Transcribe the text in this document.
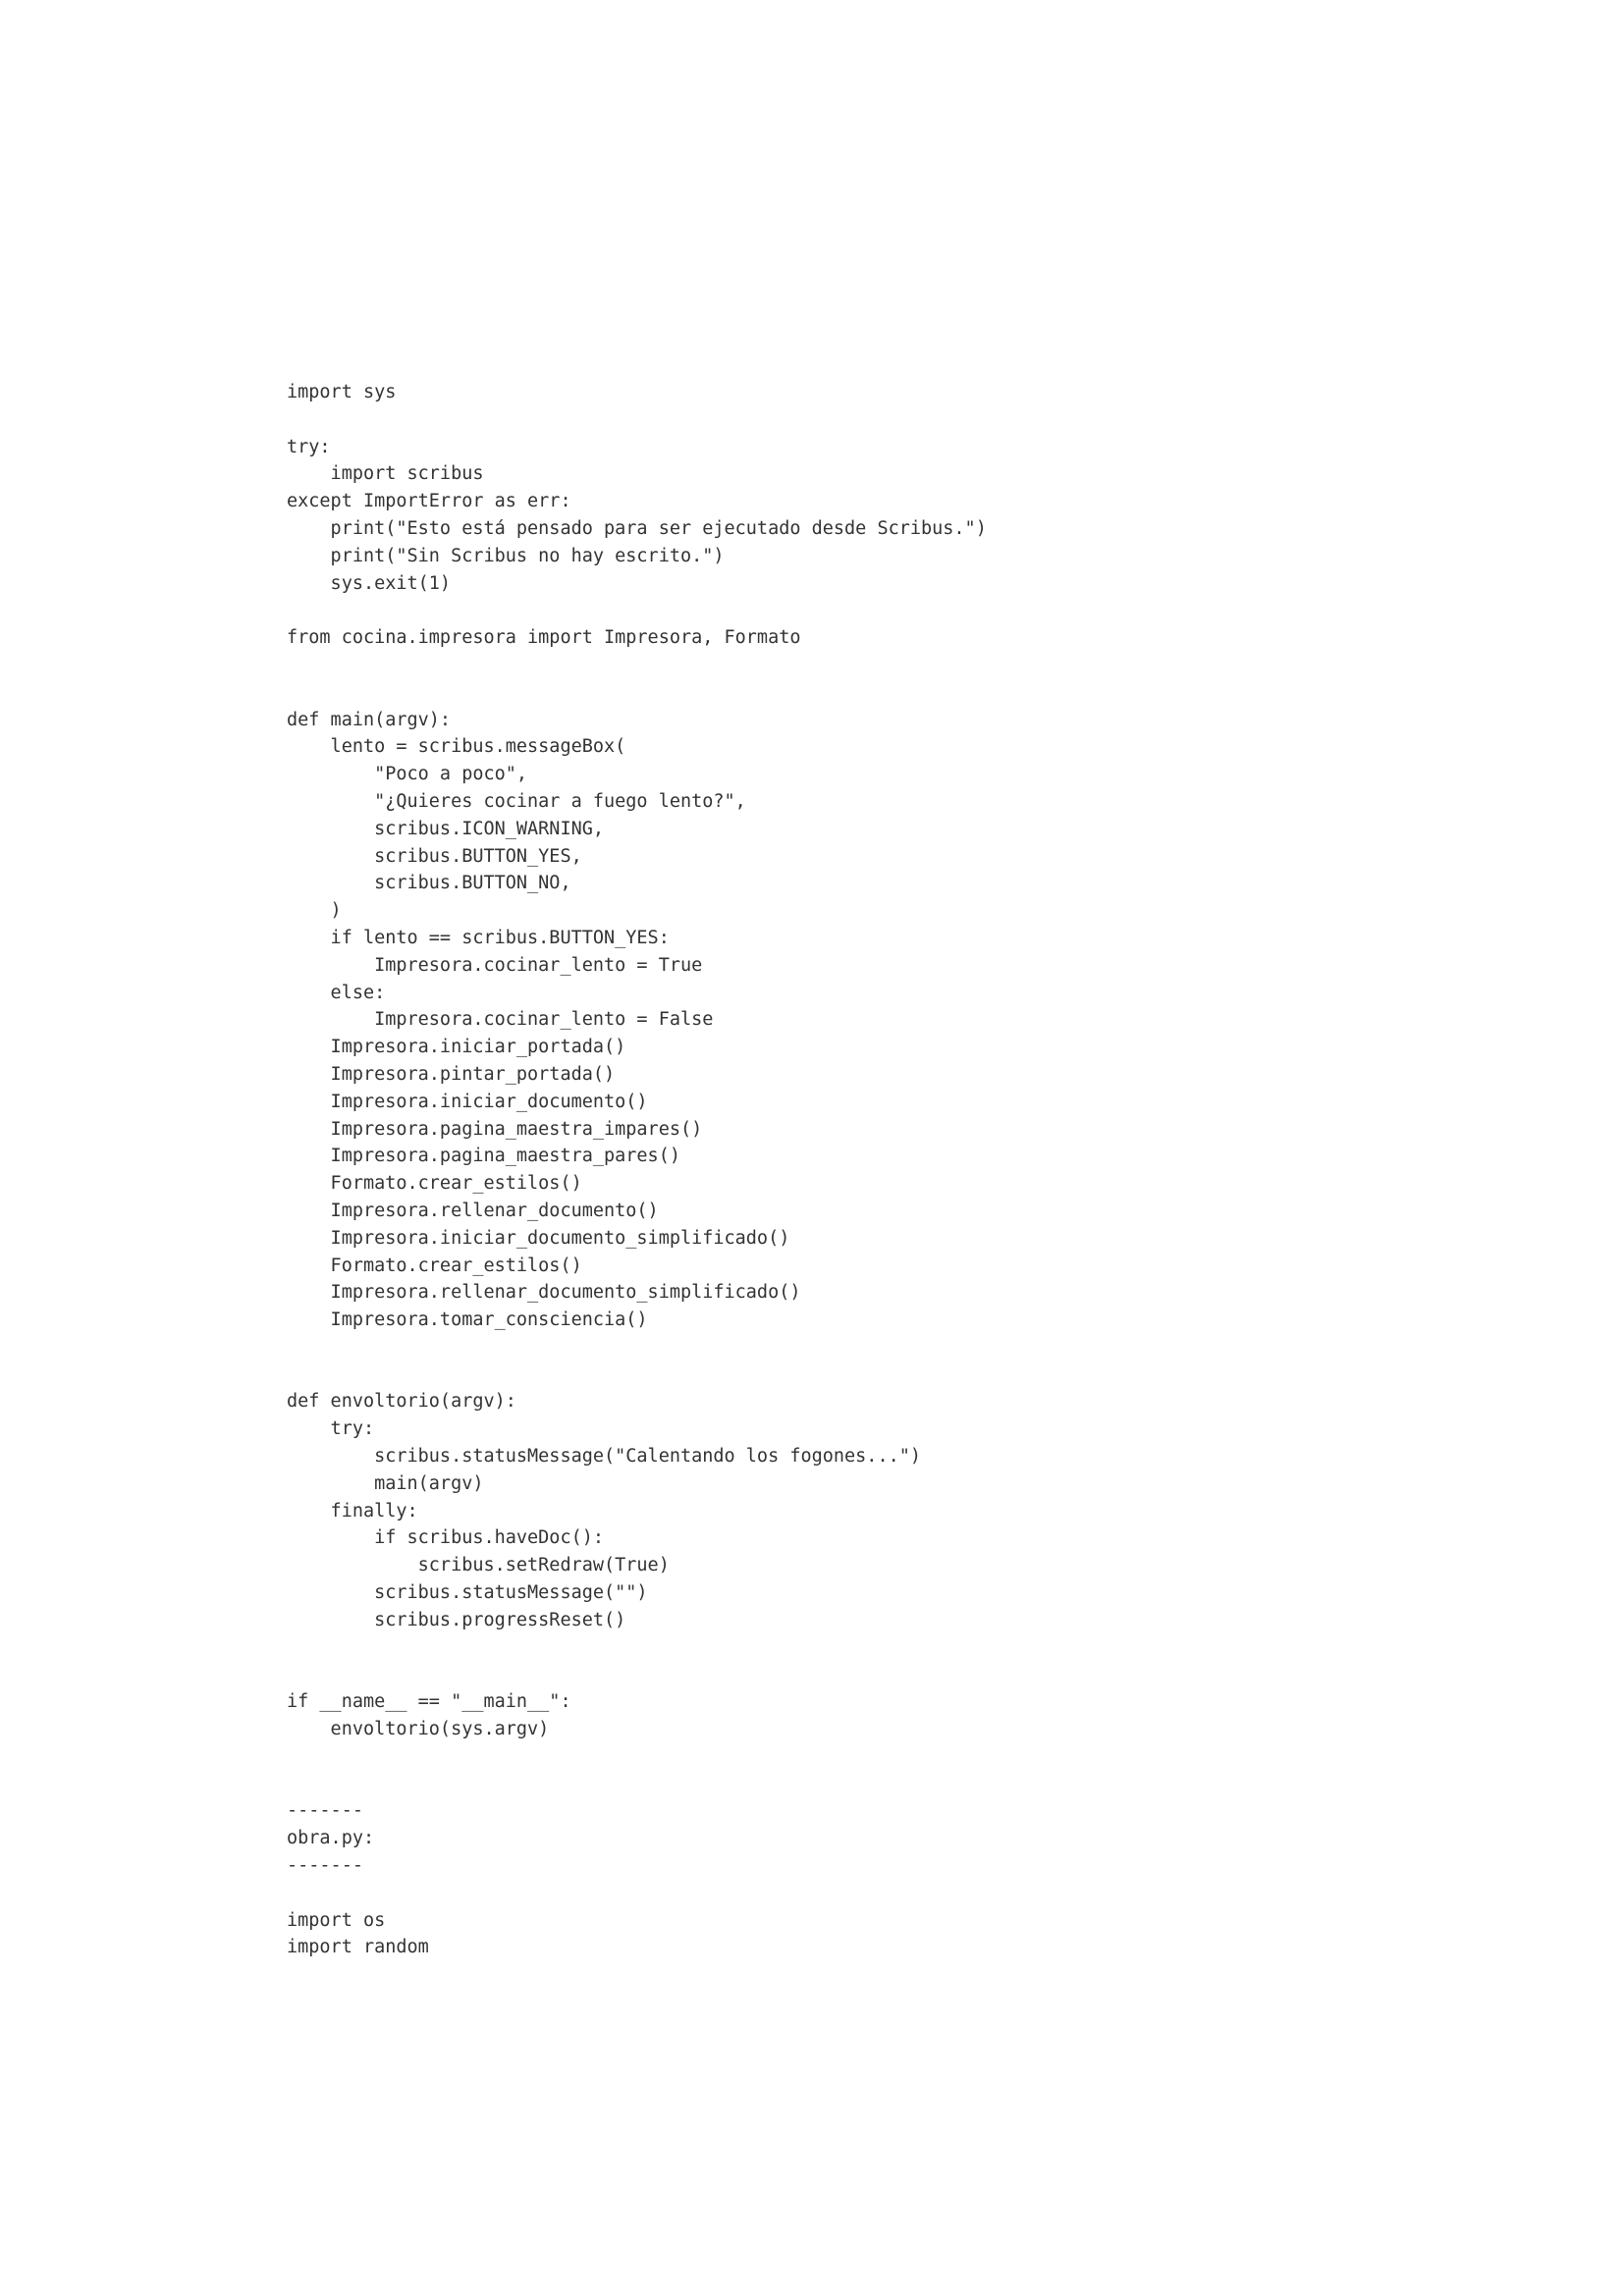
import sys
try:
import scribus
except ImportError as err:
print("Esto está pensado para ser ejecutado desde Scribus.")
print("Sin Scribus no hay escrito.")
sys.exit(1)
from cocina.impresora import Impresora, Formato
def main(argv):
lento = scribus.messageBox(
"Poco a poco",
"¿Quieres cocinar a fuego lento?",
scribus.ICON_WARNING,
scribus.BUTTON_YES,
scribus.BUTTON_NO,
)
if lento == scribus.BUTTON_YES:
Impresora.cocinar_lento = True
else:
Impresora.cocinar_lento = False
Impresora.iniciar_portada()
Impresora.pintar_portada()
Impresora.iniciar_documento()
Impresora.pagina_maestra_impares()
Impresora.pagina_maestra_pares()
Formato.crear_estilos()
Impresora.rellenar_documento()
Impresora.iniciar_documento_simplificado()
Formato.crear_estilos()
Impresora.rellenar_documento_simplificado()
Impresora.tomar_consciencia()
def envoltorio(argv):
try:
scribus.statusMessage("Calentando los fogones...")
main(argv)
finally:
if scribus.haveDoc():
scribus.setRedraw(True)
scribus.statusMessage("")
scribus.progressReset()
if __name__ == "__main__":
envoltorio(sys.argv)
-------
obra.py:
-------
import os
import random
